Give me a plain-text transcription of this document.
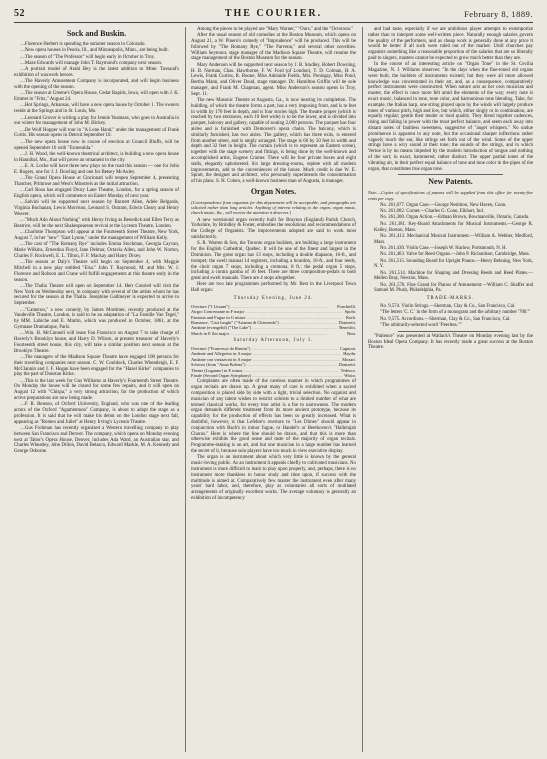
52	THE COURIER.	February 8, 1889.
Sock and Buskin.

....Florence Herbert is spending the summer season in Colorado.

....New opera houses in Peoria, Ill., and Minneapolis, Minn., are being built.

....The season of "The Professor" will begin early in October in Troy.

....Maze Edwards will manage John T. Raymond's company next season.

....A portrait model of Arabi Bey is the latest addition to Mme. Tussaud's exhibition of waxwork heroes.

....The Haverly Amusement Company is incorporated, and will begin business with the opening of the season.

....The season at Greene's Opera House, Cedar Rapids, Iowa, will open with J. K. Emmet in "Fritz," August 24.

....Hot Springs, Arkansas, will have a new opera house by October 1. The owners reside at the Springs and in St. Louis, Mo.

....Leonard Grover is writing a play for Jennie Yeamans, who goes to Australia in our winter for management of John M. Hickey.

....De Wolf Hopper will tour in "A Lone Hand," under the management of Frank Curtis. His season opens in Detroit September 10.

....The new opera house now in course of erection at Council Bluffs, will be opened September 16 with "Esmeralda."

....J. H. Wood, the well-known theatrical architect, is building a new opera house in Hannibal, Mo., that will prove an ornament to the city.

....E. A. Locke will have three new plays on the road this season — one for John E. Rogers, one for J. J. Dowling and one for Betsey McAuley.

....The Grand Opera House at Cincinnati will reopen September 4, presenting Thatcher, Primrose and West's Minstrels as the initial attraction.

....Carl Rosa has engaged Drury Lane Theatre, London, for a spring season of English opera, which will commence on Easter Monday of next year.

....Salvini will be supported next season by Burnett Allen, Adele Belgarde, Virginia Buchanan, Lewis Morrison, Leonard S. Outram, Edwin Cleary and Henry Weaver.

...."Much Ado About Nothing" with Henry Irving as Benedick and Ellen Terry as Beatrice, will be the next Shakespearean revival at the Lyceum Theatre, London.

....Charlotte Thompson will appear at the Fourteenth Street Theatre, New York, August 7, in her "new" "East Lynne," under the management of William Kelly.

....The cast of "The Romany Rye" includes Emma Stockman, Georgia Cayvan, Marie Wilkins, Ernestina Floyd, Jane Delmar, Octavia Allen, and John W. Norton, Charles F. Rockwell, E. L. Tilton, F. F. Mackay and Harry Dixey.

....The season at Daly's Theatre will begin on September 4, with Maggie Mitchell in a new play entitled "Elsa." John T. Raymond, M. and Mrs. W. J. Florence and Robson and Crane will fulfill engagements at this theatre early in the season.

....The Thalia Theatre will open on September 14. Herr Conried will visit the New York on Wednesday next, in company with several of the artists whom he has secured for the season at the Thalia. Josephine Gallmeyer is expected to arrive in September.

...."Cameron," a new comedy, by James Mortimer, recently produced at the Vaudeville Theatre, London, is said to be an adaptation of "La Famille Van Tegel," by MM. Labiche and E. Martin, which was produced in October, 1861, at the Gymnase Dramatique, Paris.

....Wm. H. McConnell will lease Fan Francisco on August 7 to take charge of Haverly's Brooklyn house, and Harry D. Wilson, at present treasurer of Haverly's Fourteenth street house, this city, will take a similar position next season at the Brooklyn Theatre.

....The managers of the Madison Square Theatre have engaged 100 persons for their travelling companies next season. C. W. Couldock, Charles Wheatleigh, E. F. McClannin and J. F. Hogan have been engaged for the "Hazel Kirke" companies to play the part of Dunstan Kirke.

....This is the last week for Gus Williams at Haverly's Fourteenth Street Theatre. On Monday the house will be closed for some few repairs, and it will open on August 12 with "Chispa," a very strong attraction, for the production of which active preparations are now being made.

....F. R. Benson, of Oxford University, England, who was one of the leading actors of the Oxford "Agamemnon" Company, is about to adopt the stage as a profession. It is said that he will make his debut on the London stage next fall, appearing as "Romeo and Juliet" at Henry Irving's Lyceum Theatre.

....Gus Frohman has recently organized a Western travelling company to play between San Francisco and Denver. The company, which opens on Monday evening next at Tabor's Opera House, Denver, includes Ada Ward, an Australian star, and Charles Wheatley, John Dillon, David Belasco, Edward Markle, M. A. Kennedy and George Osborne.

Among the pieces to be played are "Mary Warner," "Ours," and the "Octoroon."

After the usual season of old comedies at the Boston Museum, which opens on August 21, a W. Pinero's comedy of "Imprudence" will be produced. This will be followed by "The Romany Rye," "The Parvenu," and several other novelties. William Seymour, stage manager of the Madison Square Theatre, will resume the stage management of the Boston Museum for the season.

Mary Anderson will be supported next season by J. B. Studley, Robert Downing, H. B. Norman, Chas. Hawthorne, F. W. Ford (of London), T. D. Colman, H. A. Lewis, Frank Curtiss, R. Boone, Miss Adelaide Fields, Mrs. Ponisgay, Miss Pond, Bertha Mann, and Oliver Doud, stage manager. Dr. Hamilton Griffin will be sole manager, and Frank M. Chapman, agent. Miss Anderson's season opens in Troy, Sept. 11.

The new Masonic Theatre at Augusta, Ga., is now nearing its completion. The building, of which the theatre forms a part, has a very imposing front, and is to feet in width by 170 feet in depth, and is four stories high. The theatre proper (which is reached by two entrances, each 10 feet wide) is to be the lower, and is divided into parquet, balcony and gallery, capable of seating 2,000 persons. The parquet has four aisles and is furnished with Demorest's opera chairs. The balcony, which is similarly furnished, has two aisles. The gallery, which has three exits, is entered from another street, and is amply arranged. The stage is 60 by 50 feet in width and depth and 32 feet in height. The curtain (which is to represent an Eastern scene), together with the stage scenery and fittings, is being done by the well-known and accomplished artist, Eugene Cramer. There will be four private boxes and eight stalls, elegantly upholstered. Six large dressing-rooms, replete with all modern improvements, add to the conveniences of the house. Much credit is due W. E. Spratt, the designer and architect, who personally superintends the consummation of his plans. S. H. Cohen, a well-known business man of Augusta, is manager.

Organ Notes.

[Correspondence from organists for this department will be acceptable, and paragraphs are solicited rather than long articles. Anything of interest relating to the organ, organ music, church music, &c., will receive the attention it deserves.]

A new westsound organ recently built for Brayton (England) Parish Church, Yorkshire, by Brindley & Foster, embodies the resolutions and recommendations of the College of Organists. The improvements adopted are said to work most satisfactorily.

S. R. Warren & Son, the Toronto organ builders, are building a large instrument for the English Cathedral, Quebec. It will be one of the finest and largest in the Dominion. The great organ has 13 stops, including a double diapason, 16-ft., and trumpet; the swell manual 14 registers, including a bourdon, 16-ft., and four reeds, the choir organ 7 stops, including a cremona, 8 ft.; the pedal organ 5 stops, including a contra gamba of 16 feet. There are three composition-pedals to both great and swell manuals. There are 4 stops altogether.

Here are two late programmes performed by Mr. Best in the Liverpool Town Hall organ:

Thursday Evening, June 24.
Overture ("I Lituani") .....	Ponchielli.
Airgro Concertante in F major .....	Spohr.
Fantasia and Fugue in G minor .....	Bach.
Romance, "Cari luoghi" ("Arianna di Chiesenda") .....	Donizetti.
Andante (evangelid) ("The Lake") .....	Benedict.
March in E flat major .....	Best.
Saturday Afternoon, July 1.
Overture ("Francesca da Rimini") .....	Cagnoni.
Andante and Allegretto in A major .....	Haydn.
Andante con variazioni in A major .....	Mozart.
Scherzo (from "Anna Bolena") .....	Donizetti.
Theme (Luganno) in E minor .....	Tedesco.
Finale (Second Organ Symphony) .....	Widor.

Complaints are often made of the careless manner in which programmes of organ recitals are drawn up. A great many of care is exhibited when a sacred composition is placed side by side with a light, trivial selection. No organist and musician of any talent wishes to restrict soloists to a limited number of what are termed classical works, for every true artist is a foe to narrowness. The modern organ demands different treatment from its more ancient prototype, because its capability for the production of effects has been so greatly increased. What is doubtful, however, is that Lefebre's overture to "Les Dimes" should appear in conjunction with Bach's in minor fugue, or Handel's or Beethoven's "Hallelujah Chorus." Here is where the line should be drawn, and that this is more than otherwise exhibits the good sense and taste of the majority of organ recitals. Programme-making is an art, and but one musician in a large number has learned the secret of it, because solo players have too much in view executive display.

The organ is an instrument about which very little is known by the general music-loving public. As an instrument it appeals chiefly to cultivated musicians. No instrument is more difficult to learn to play upon properly, and, perhaps, there is no instrument more thankless to honor study and time upon, if success with the multitude is aimed at. Comparatively few master the instrument even after many years' hard labor, and, therefore, play as voluntaries all sorts of mutilated arrangements of originally excellent works. The average voluntary is generally an exhibition of incompetency

and bad taste, especially if we are ambitious player attempts to extemporize rather than to interpret some well-written piece. Naturally enough salaries govern the quality of the performers, and as cheap work is generally done at any price it would be better if all such were ruled out of the market. Until churches pay organists something like a reasonable proportion of the salaries that are so liberally paid to singers, masters cannot be expected to grow much better than they are.

In the course of an interesting article on "Organ Tone" in the St. Cecilia Magazine, N. J. Williams observes: "In the days when the fine-toned old organs were built, the builders of instruments existed; but they were all more allowed knowledge was concentrated in their art, and, as a consequence, comparatively perfect instruments were constructed. When nature acts as her own musician and master, the effect is once more felt amid the elements of the way; every note is exact music, balanced in tone, tone color, and harmonious tone blending. Take, for example, the Italian harp, one string played upon by the winds will largely produce tones of various pitch, high and low, but which, either singly or in combination, are equally regular; gentle their tender or loud quality. They blend together cadences, rising and falling in power with the most perfect balance, and seem each away into distant notes of faultless sweetness, suggestive of "angel whispers." No undue prominence is apparent in any note, but the occasional sharper inflections rather vaguely touch the ear, like strings set forth out of the wind. Some of the upper strings have a wiry sound at their tone; the sounds of the strings, and in which Vertue is by no means impeded by the modern introduction of tongue and nothing of the sort; in exact, hammered, rather distinct. The upper partial tones of the vibrating air, in their perfect equal balance of tone and tone color in the pipes of the organ, that constitutes true organ tone.

New Patents.

Note.—Copies of specifications of patents will be supplied from this office for twenty-five cents per copy.

No. 261,077. Organ Case.—George Nesbiton, New Haven, Conn.

No. 261,082. Cornet.—Charles G. Conn, Elkhart, Ind.

No. 261,300. Organ Action.—Edman Brown, Bowmanville, Ontario, Canada.

No. 261,381. Key-Board Attachments for Musical Instruments.—George R. Kelley, Boston, Mass.

No. 261,413. Mechanical Musical Instrument.—William A. Webber, Medford, Mass.

No. 261,430. Violin Case.—Joseph W. Harlow, Portsmouth, N. H.

No. 261,463. Valve for Reed Organs.—John P. Richardson, Cambridge, Mass.

No. 261,515. Sounding Board for Upright Pianos.—Henry Behning, New York, N. Y.

No. 261,514. Machine for Shaping and Dressing Reeds and Reed Plates.—Mellen Bray, Newton, Mass.

No. 261,570. Fine Grand for Pianos of Amusement.—William C. Shaffer and Samuel M. Plush, Philadelphia, Pa.

TRADE-MARKS.

No. 9,574. Violin Strings.—Sherman, Clay & Co., San Francisco, Cal.

"The letters 'C. C.' in the form of a monogram and the arbitrary number '700.'"

No. 9,575. Accordions.—Sherman, Clay & Co., San Francisco, Cal.

"The arbitrarily-selected word "Peerless.""

"Patience" was presented at Wallack's Theatre on Monday evening last by the Boston Ideal Opera Company. It has recently made a great success at the Boston Theatre.
